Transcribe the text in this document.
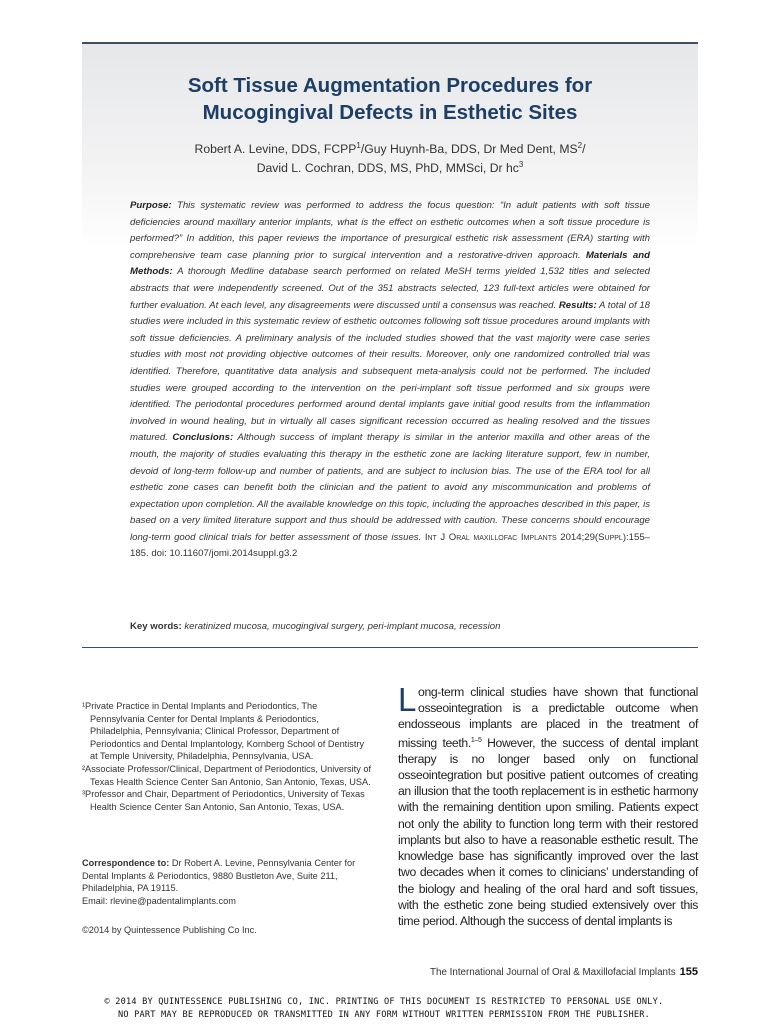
Soft Tissue Augmentation Procedures for
Mucogingival Defects in Esthetic Sites
Robert A. Levine, DDS, FCPP$^1$/Guy Huynh-Ba, DDS, Dr Med Dent, $MS^2/$
David L. Cochran, DDS, MS, PhD, MMSci, Dr $hc^3$
Purpose: This systematic review was performed to address the focus question: “In adult patients with soft tissue deficiencies around maxillary anterior implants, what is the effect on esthetic outcomes when a soft tissue procedure is performed?” In addition, this paper reviews the importance of presurgical esthetic risk assessment (ERA) starting with comprehensive team case planning prior to surgical intervention and a restorative-driven approach. Materials and Methods: A thorough Medline database search performed on related MeSH terms yielded 1,532 titles and selected abstracts that were independently screened. Out of the 351 abstracts selected, 123 full-text articles were obtained for further evaluation. At each level, any disagreements were discussed until a consensus was reached. Results: A total of 18 studies were included in this systematic review of esthetic outcomes following soft tissue procedures around implants with soft tissue deficiencies. A preliminary analysis of the included studies showed that the vast majority were case series studies with most not providing objective outcomes of their results. Moreover, only one randomized controlled trial was identified. Therefore, quantitative data analysis and subsequent meta-analysis could not be performed. The included studies were grouped according to the intervention on the peri-implant soft tissue performed and six groups were identified. The periodontal procedures performed around dental implants gave initial good results from the inflammation involved in wound healing, but in virtually all cases significant recession occurred as healing resolved and the tissues matured. Conclusions: Although success of implant therapy is similar in the anterior maxilla and other areas of the mouth, the majority of studies evaluating this therapy in the esthetic zone are lacking literature support, few in number, devoid of long-term follow-up and number of patients, and are subject to inclusion bias. The use of the ERA tool for all esthetic zone cases can benefit both the clinician and the patient to avoid any miscommunication and problems of expectation upon completion. All the available knowledge on this topic, including the approaches described in this paper, is based on a very limited literature support and thus should be addressed with caution. These concerns should encourage long-term good clinical trials for better assessment of those issues. Int J Oral maxillofac Implants 2014;29(Suppl):155–185. doi: 10.11607/jomi.2014suppl.g3.2
Key words: keratinized mucosa, mucogingival surgery, peri-implant mucosa, recession

¹Private Practice in Dental Implants and Periodontics, The Pennsylvania Center for Dental Implants & Periodontics, Philadelphia, Pennsylvania; Clinical Professor, Department of Periodontics and Dental Implantology, Kornberg School of Dentistry at Temple University, Philadelphia, Pennsylvania, USA.

²Associate Professor/Clinical, Department of Periodontics, University of Texas Health Science Center San Antonio, San Antonio, Texas, USA.

³Professor and Chair, Department of Periodontics, University of Texas Health Science Center San Antonio, San Antonio, Texas, USA.

Correspondence to: Dr Robert A. Levine, Pennsylvania Center for Dental Implants & Periodontics, 9880 Bustleton Ave, Suite 211, Philadelphia, PA 19115.

Email: rlevine@padentalimplants.com

©2014 by Quintessence Publishing Co Inc.

Long-term clinical studies have shown that functional osseointegration is a predictable outcome when endosseous implants are placed in the treatment of missing teeth.$^{1-5}$ However, the success of dental implant therapy is no longer based only on functional osseointegration but positive patient outcomes of creating an illusion that the tooth replacement is in esthetic harmony with the remaining dentition upon smiling. Patients expect not only the ability to function long term with their restored implants but also to have a reasonable esthetic result. The knowledge base has significantly improved over the last two decades when it comes to clinicians’ understanding of the biology and healing of the oral hard and soft tissues, with the esthetic zone being studied extensively over this time period. Although the success of dental implants is

The International Journal of Oral & Maxillofacial Implants 155
© 2014 BY QUINTESSENCE PUBLISHING CO, INC. PRINTING OF THIS DOCUMENT IS RESTRICTED TO PERSONAL USE ONLY.
NO PART MAY BE REPRODUCED OR TRANSMITTED IN ANY FORM WITHOUT WRITTEN PERMISSION FROM THE PUBLISHER.
